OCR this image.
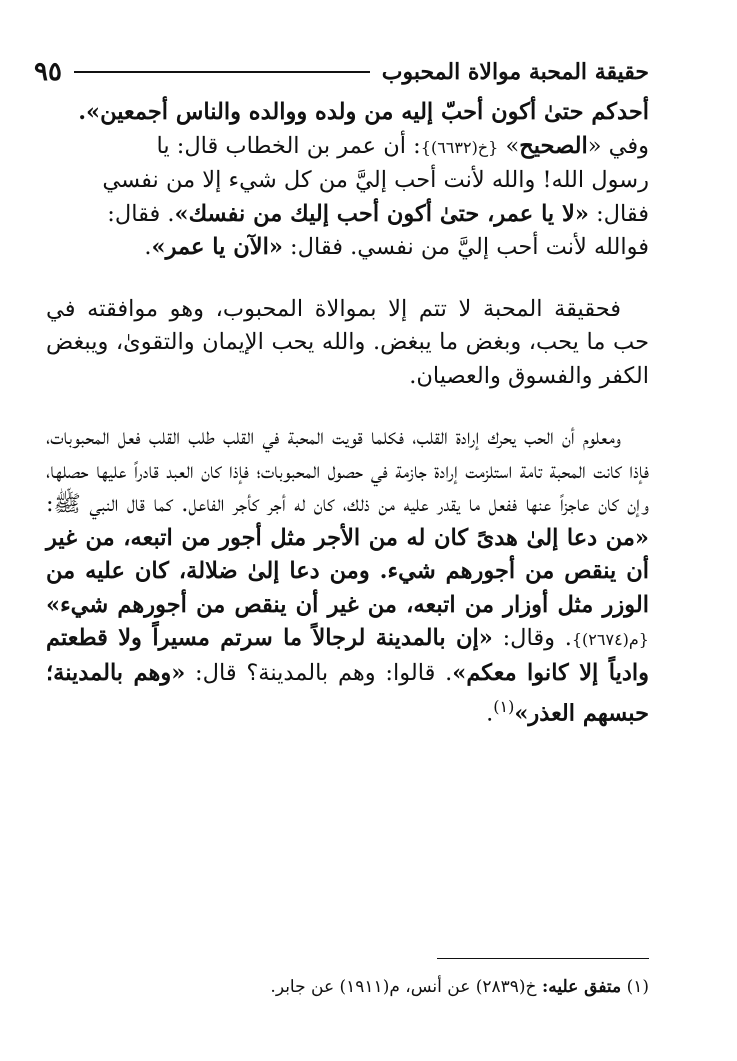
حقيقة المحبة موالاة المحبوب
٩٥

أحدكم حتىٰ أكون أحبّ إليه من ولده ووالده والناس أجمعين».
وفي «الصحيح» {خ(٦٦٣٢)}: أن عمر بن الخطاب قال: يا
رسول الله! والله لأنت أحب إليَّ من كل شيء إلا من نفسي
فقال: «لا يا عمر، حتىٰ أكون أحب إليك من نفسك». فقال:
فوالله لأنت أحب إليَّ من نفسي. فقال: «الآن يا عمر».

فحقيقة المحبة لا تتم إلا بموالاة المحبوب، وهو موافقته في حب ما يحب، وبغض ما يبغض. والله يحب الإيمان والتقوىٰ، ويبغض الكفر والفسوق والعصيان.

ومعلوم أن الحب يحرك إرادة القلب، فكلما قويت المحبة في القلب طلب القلب فعل المحبوبات، فإذا كانت المحبة تامة استلزمت إرادة جازمة في حصول المحبوبات؛ فإذا كان العبد قادراً عليها حصلها، وإن كان عاجزاً عنها ففعل ما يقدر عليه من ذلك، كان له أجر كأجر الفاعل. كما قال النبي ﷺ: «من دعا إلىٰ هدىً كان له من الأجر مثل أجور من اتبعه، من غير أن ينقص من أجورهم شيء. ومن دعا إلىٰ ضلالة، كان عليه من الوزر مثل أوزار من اتبعه، من غير أن ينقص من أجورهم شيء» {م(٢٦٧٤)}. وقال: «إن بالمدينة لرجالاً ما سرتم مسيراً ولا قطعتم وادياً إلا كانوا معكم». قالوا: وهم بالمدينة؟ قال: «وهم بالمدينة؛ حبسهم العذر»$^{(١)}$.

(١) متفق عليه: خ(٢٨٣٩) عن أنس، م(١٩١١) عن جابر.
